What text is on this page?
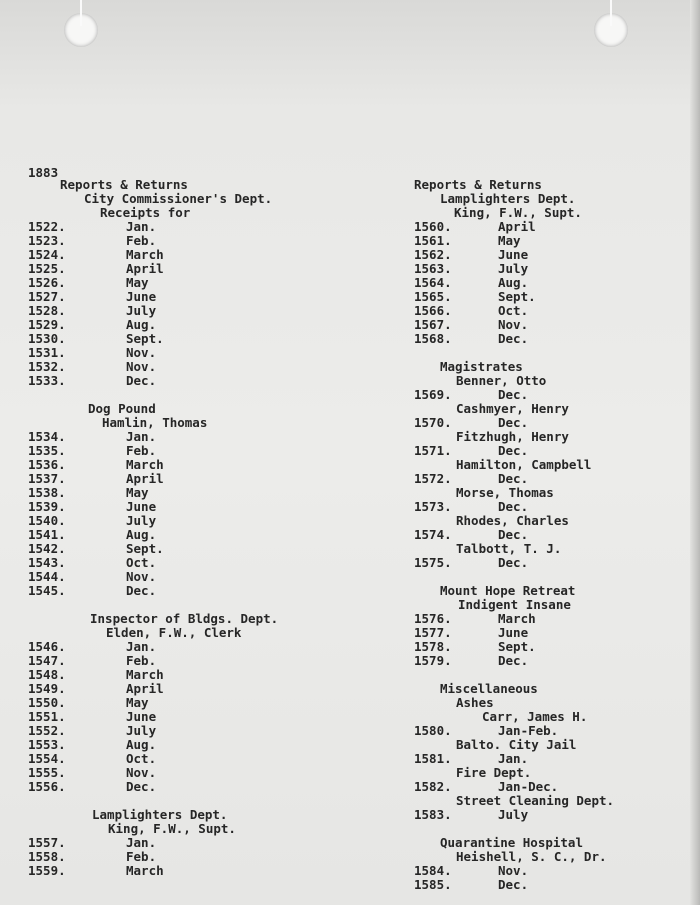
1883
Reports & Returns
City Commissioner's Dept.
Receipts for
1522.	Jan.
1523.	Feb.
1524.	March
1525.	April
1526.	May
1527.	June
1528.	July
1529.	Aug.
1530.	Sept.
1531.	Nov.
1532.	Nov.
1533.	Dec.
Dog Pound
Hamlin, Thomas
1534.	Jan.
1535.	Feb.
1536.	March
1537.	April
1538.	May
1539.	June
1540.	July
1541.	Aug.
1542.	Sept.
1543.	Oct.
1544.	Nov.
1545.	Dec.
Inspector of Bldgs. Dept.
Elden, F.W., Clerk
1546.	Jan.
1547.	Feb.
1548.	March
1549.	April
1550.	May
1551.	June
1552.	July
1553.	Aug.
1554.	Oct.
1555.	Nov.
1556.	Dec.
Lamplighters Dept.
King, F.W., Supt.
1557.	Jan.
1558.	Feb.
1559.	March
Reports & Returns
Lamplighters Dept.
King, F.W., Supt.
1560.	April
1561.	May
1562.	June
1563.	July
1564.	Aug.
1565.	Sept.
1566.	Oct.
1567.	Nov.
1568.	Dec.
Magistrates
Benner, Otto
1569.	Dec.
Cashmyer, Henry
1570.	Dec.
Fitzhugh, Henry
1571.	Dec.
Hamilton, Campbell
1572.	Dec.
Morse, Thomas
1573.	Dec.
Rhodes, Charles
1574.	Dec.
Talbott, T. J.
1575.	Dec.
Mount Hope Retreat
Indigent Insane
1576.	March
1577.	June
1578.	Sept.
1579.	Dec.
Miscellaneous
Ashes
Carr, James H.
1580.	Jan-Feb.
Balto. City Jail
1581.	Jan.
Fire Dept.
1582.	Jan-Dec.
Street Cleaning Dept.
1583.	July
Quarantine Hospital
Heishell, S. C., Dr.
1584.	Nov.
1585.	Dec.
